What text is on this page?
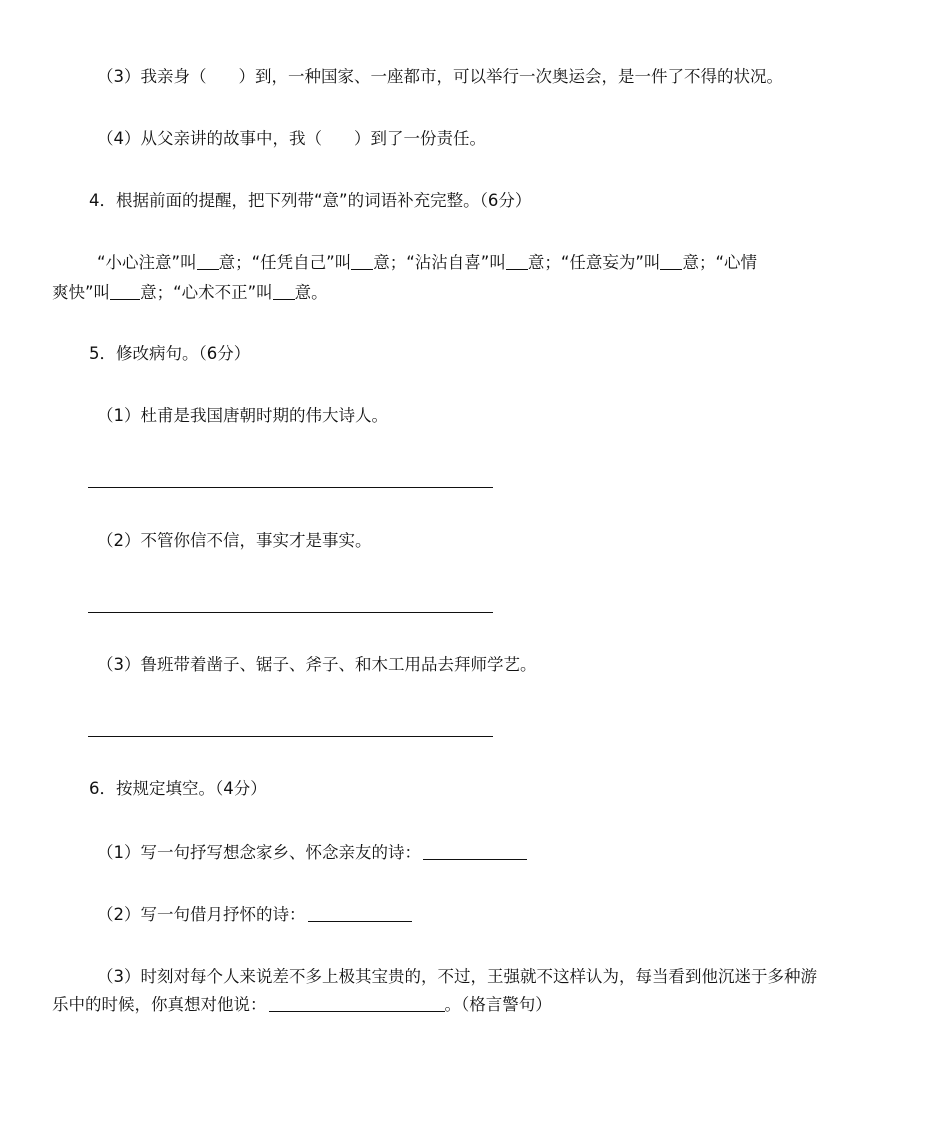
（3）我亲身（ ）到，一种国家、一座都市，可以举行一次奥运会，是一件了不得的状况。
（4）从父亲讲的故事中，我（ ）到了一份责任。
4．根据前面的提醒，把下列带“意”的词语补充完整。（6分）
“小心注意”叫 意；“任凭自己”叫 意；“沾沾自喜”叫 意；“任意妄为”叫 意；“心情
爽快”叫 意；“心术不正”叫 意。
5．修改病句。（6分）
（1）杜甫是我国唐朝时期的伟大诗人。
（2）不管你信不信，事实才是事实。
（3）鲁班带着凿子、锯子、斧子、和木工用品去拜师学艺。
6．按规定填空。（4分）
（1）写一句抒写想念家乡、怀念亲友的诗：
（2）写一句借月抒怀的诗：
（3）时刻对每个人来说差不多上极其宝贵的，不过，王强就不这样认为，每当看到他沉迷于多种游
乐中的时候，你真想对他说：	。（格言警句）
